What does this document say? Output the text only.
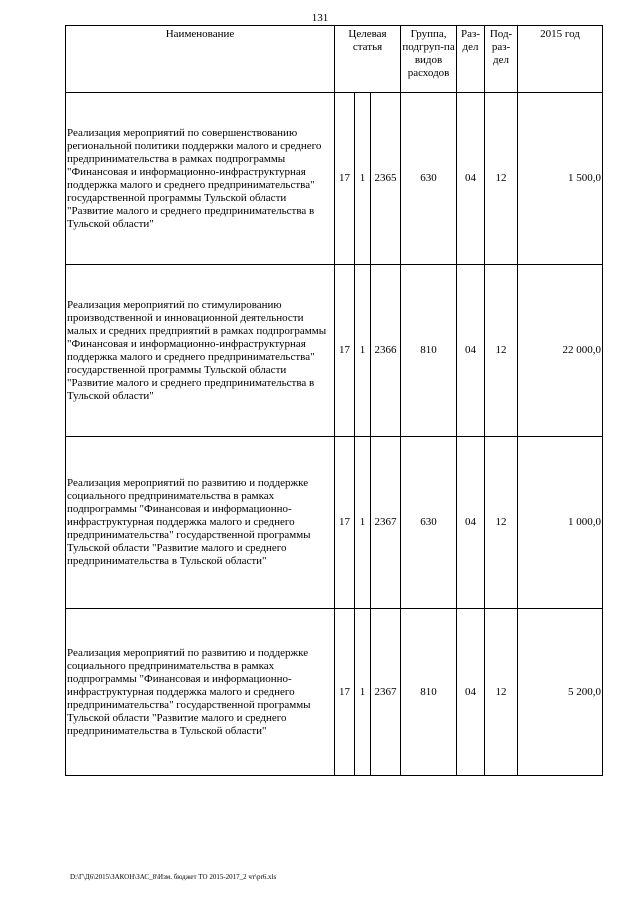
131
Наименование	Целевая статья			Группа, подгруп-па видов расходов	Раз-дел	Под-раз-дел	2015 год
Реализация мероприятий по совершенствованию региональной политики поддержки малого и среднего предпринимательства в рамках подпрограммы "Финансовая и информационно-инфраструктурная поддержка малого и среднего предпринимательства" государственной программы Тульской области "Развитие малого и среднего предпринимательства в Тульской области"	17	1	2365	630	04	12	1 500,0
Реализация мероприятий по стимулированию производственной и инновационной деятельности малых и средних предприятий в рамках подпрограммы "Финансовая и информационно-инфраструктурная поддержка малого и среднего предпринимательства" государственной программы Тульской области "Развитие малого и среднего предпринимательства в Тульской области"	17	1	2366	810	04	12	22 000,0
Реализация мероприятий по развитию и поддержке социального предпринимательства в рамках подпрограммы "Финансовая и информационно-инфраструктурная поддержка малого и среднего предпринимательства" государственной программы Тульской области "Развитие малого и среднего предпринимательства в Тульской области"	17	1	2367	630	04	12	1 000,0
Реализация мероприятий по развитию и поддержке социального предпринимательства в рамках подпрограммы "Финансовая и информационно-инфраструктурная поддержка малого и среднего предпринимательства" государственной программы Тульской области "Развитие малого и среднего предпринимательства в Тульской области"	17	1	2367	810	04	12	5 200,0
D:\Г\Д6\2015\ЗАКОН\ЗАС_8\Изм. бюджет ТО 2015-2017_2 чт\pr6.xls
